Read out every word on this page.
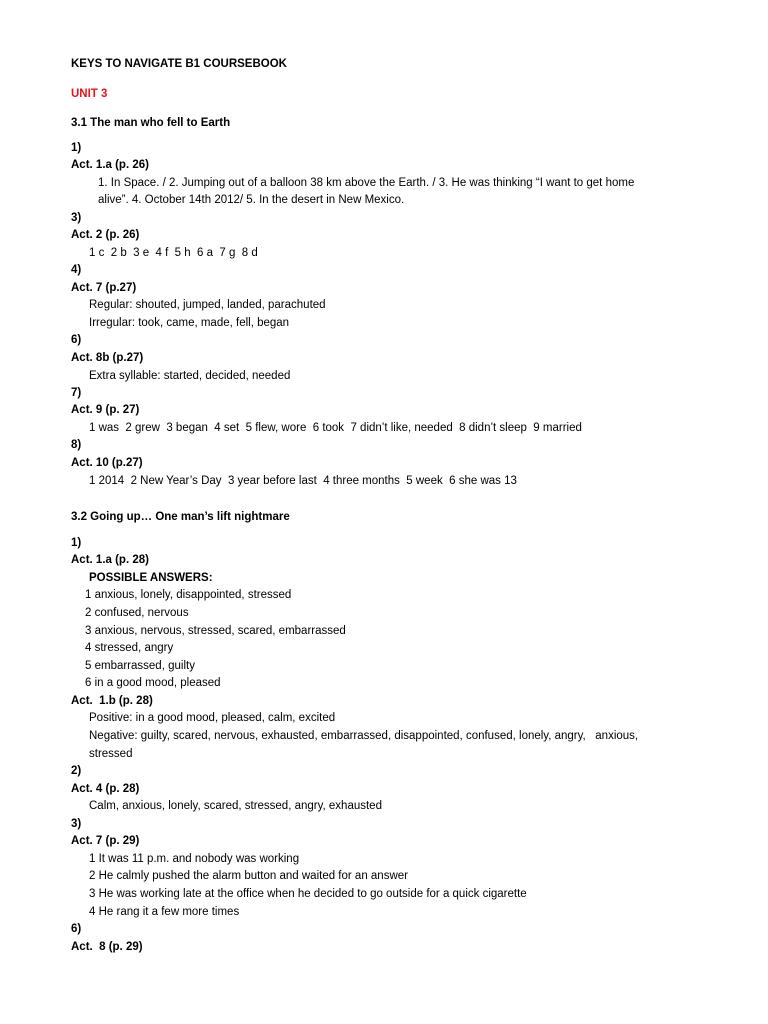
KEYS TO NAVIGATE B1 COURSEBOOK
UNIT 3
3.1 The man who fell to Earth
1)
Act. 1.a (p. 26)
1. In Space. / 2. Jumping out of a balloon 38 km above the Earth. / 3. He was thinking “I want to get home
alive”. 4. October 14th 2012/ 5. In the desert in New Mexico.
3)
Act. 2 (p. 26)
1 c  2 b  3 e  4 f  5 h  6 a  7 g  8 d
4)
Act. 7 (p.27)
Regular: shouted, jumped, landed, parachuted
Irregular: took, came, made, fell, began
6)
Act. 8b (p.27)
Extra syllable: started, decided, needed
7)
Act. 9 (p. 27)
1 was  2 grew  3 began  4 set  5 flew, wore  6 took  7 didn’t like, needed  8 didn’t sleep  9 married
8)
Act. 10 (p.27)
1 2014  2 New Year’s Day  3 year before last  4 three months  5 week  6 she was 13
3.2 Going up… One man’s lift nightmare
1)
Act. 1.a (p. 28)
POSSIBLE ANSWERS:
1 anxious, lonely, disappointed, stressed
2 confused, nervous
3 anxious, nervous, stressed, scared, embarrassed
4 stressed, angry
5 embarrassed, guilty
6 in a good mood, pleased
Act.  1.b (p. 28)
Positive: in a good mood, pleased, calm, excited
Negative: guilty, scared, nervous, exhausted, embarrassed, disappointed, confused, lonely, angry,   anxious,
stressed
2)
Act. 4 (p. 28)
Calm, anxious, lonely, scared, stressed, angry, exhausted
3)
Act. 7 (p. 29)
1 It was 11 p.m. and nobody was working
2 He calmly pushed the alarm button and waited for an answer
3 He was working late at the office when he decided to go outside for a quick cigarette
4 He rang it a few more times
6)
Act.  8 (p. 29)
